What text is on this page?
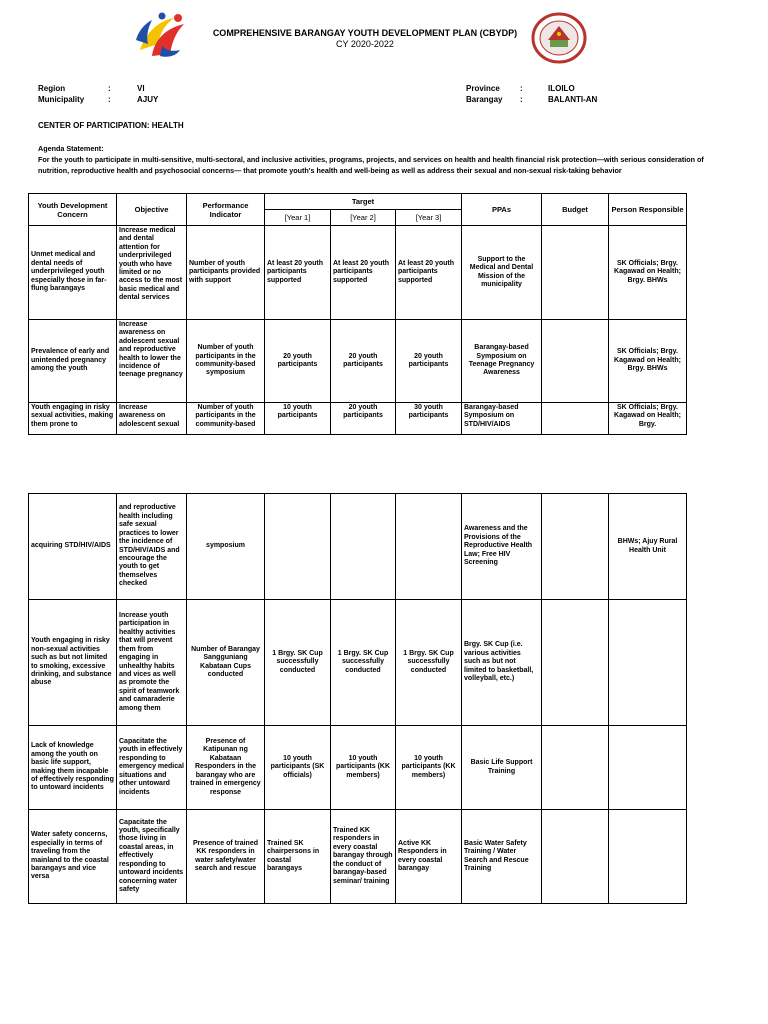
COMPREHENSIVE BARANGAY YOUTH DEVELOPMENT PLAN (CBYDP)
CY 2020-2022
Region	:	VI
Municipality	:	AJUY
Province	:	ILOILO
Barangay :	BALANTI-AN
CENTER OF PARTICIPATION: HEALTH
Agenda Statement:
For the youth to participate in multi-sensitive, multi-sectoral, and inclusive activities, programs, projects, and services on health and health financial risk protection—with serious consideration of
nutrition, reproductive health and psychosocial concerns— that promote youth's health and well-being as well as address their sexual and non-sexual risk-taking behavior
Youth Development Concern	Objective	Performance Indicator	Target			PPAs	Budget	Person Responsible
			[Year 1]	[Year 2]	[Year 3]			
Unmet medical and dental needs of underprivileged youth especially those in far-flung barangays	Increase medical and dental attention for underprivileged youth who have limited or no access to the most basic medical and dental services	Number of youth participants provided with support	At least 20 youth participants supported	At least 20 youth participants supported	At least 20 youth participants supported	Support to the Medical and Dental Mission of the municipality		SK Officials; Brgy. Kagawad on Health; Brgy. BHWs
Prevalence of early and unintended pregnancy among the youth	Increase awareness on adolescent sexual and reproductive health to lower the incidence of teenage pregnancy	Number of youth participants in the community-based symposium	20 youth participants	20 youth participants	20 youth participants	Barangay-based Symposium on Teenage Pregnancy Awareness		SK Officials; Brgy. Kagawad on Health; Brgy. BHWs
Youth engaging in risky sexual activities, making them prone to	Increase awareness on adolescent sexual	Number of youth participants in the community-based	10 youth participants	20 youth participants	30 youth participants	Barangay-based Symposium on STD/HIV/AIDS		SK Officials; Brgy. Kagawad on Health; Brgy.
acquiring STD/HIV/AIDS	and reproductive health including safe sexual practices to lower the incidence of STD/HIV/AIDS and encourage the youth to get themselves checked	symposium				Awareness and the Provisions of the Reproductive Health Law; Free HIV Screening		BHWs; Ajuy Rural Health Unit
Youth engaging in risky non-sexual activities such as but not limited to smoking, excessive drinking, and substance abuse	Increase youth participation in healthy activities that will prevent them from engaging in unhealthy habits and vices as well as promote the spirit of teamwork and camaraderie among them	Number of Barangay Sangguniang Kabataan Cups conducted	1 Brgy. SK Cup successfully conducted	1 Brgy. SK Cup successfully conducted	1 Brgy. SK Cup successfully conducted	Brgy. SK Cup (i.e. various activities such as but not limited to basketball, volleyball, etc.)		
Lack of knowledge among the youth on basic life support, making them incapable of effectively responding to untoward incidents	Capacitate the youth in effectively responding to emergency medical situations and other untoward incidents	Presence of Katipunan ng Kabataan Responders in the barangay who are trained in emergency response	10 youth participants (SK officials)	10 youth participants (KK members)	10 youth participants (KK members)	Basic Life Support Training		
Water safety concerns, especially in terms of traveling from the mainland to the coastal barangays and vice versa	Capacitate the youth, specifically those living in coastal areas, in effectively responding to untoward incidents concerning water safety	Presence of trained KK responders in water safety/water search and rescue	Trained SK chairpersons in coastal barangays	Trained KK responders in every coastal barangay through the conduct of barangay-based seminar/ training	Active KK Responders in every coastal barangay	Basic Water Safety Training / Water Search and Rescue Training		
